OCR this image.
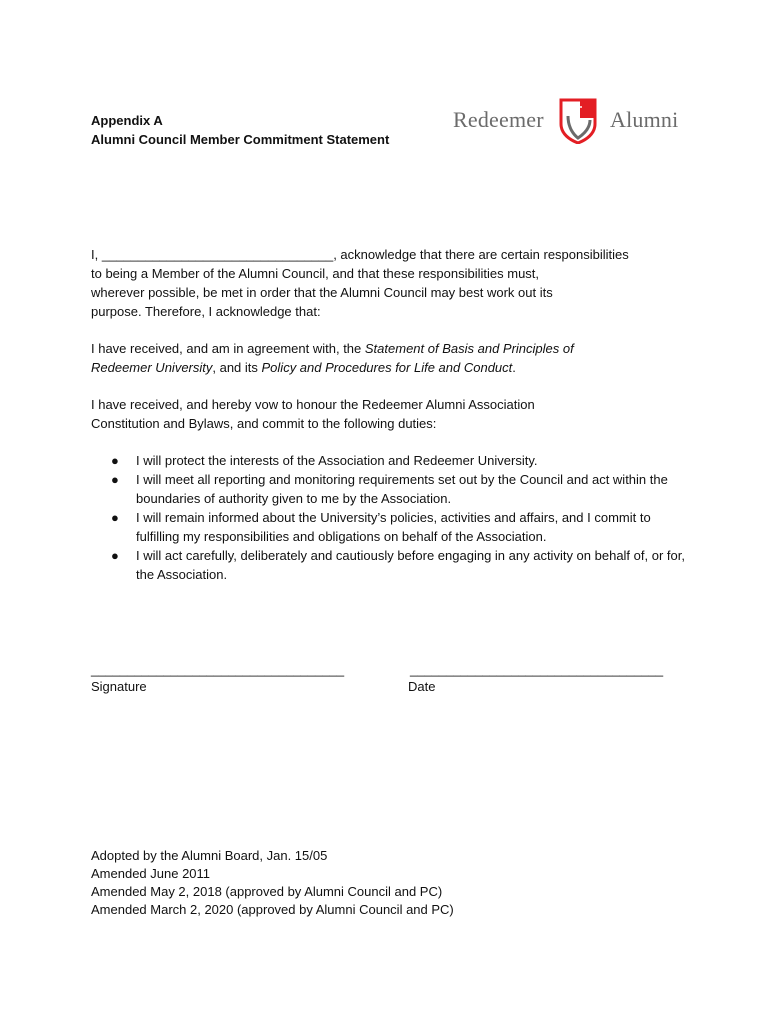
Appendix A
Alumni Council Member Commitment Statement
Redeemer	Alumni
I, ________________________________, acknowledge that there are certain responsibilities
to being a Member of the Alumni Council, and that these responsibilities must,
wherever possible, be met in order that the Alumni Council may best work out its
purpose. Therefore, I acknowledge that:
I have received, and am in agreement with, the Statement of Basis and Principles of Redeemer University, and its Policy and Procedures for Life and Conduct.
I have received, and hereby vow to honour the Redeemer Alumni Association
Constitution and Bylaws, and commit to the following duties:
● I will protect the interests of the Association and Redeemer University.
● I will meet all reporting and monitoring requirements set out by the Council and act within the boundaries of authority given to me by the Association.
● I will remain informed about the University’s policies, activities and affairs, and I commit to fulfilling my responsibilities and obligations on behalf of the Association.
● I will act carefully, deliberately and cautiously before engaging in any activity on behalf of, or for, the Association.
___________________________________	___________________________________
Signature	Date
Adopted by the Alumni Board, Jan. 15/05
Amended June 2011
Amended May 2, 2018 (approved by Alumni Council and PC)
Amended March 2, 2020 (approved by Alumni Council and PC)
